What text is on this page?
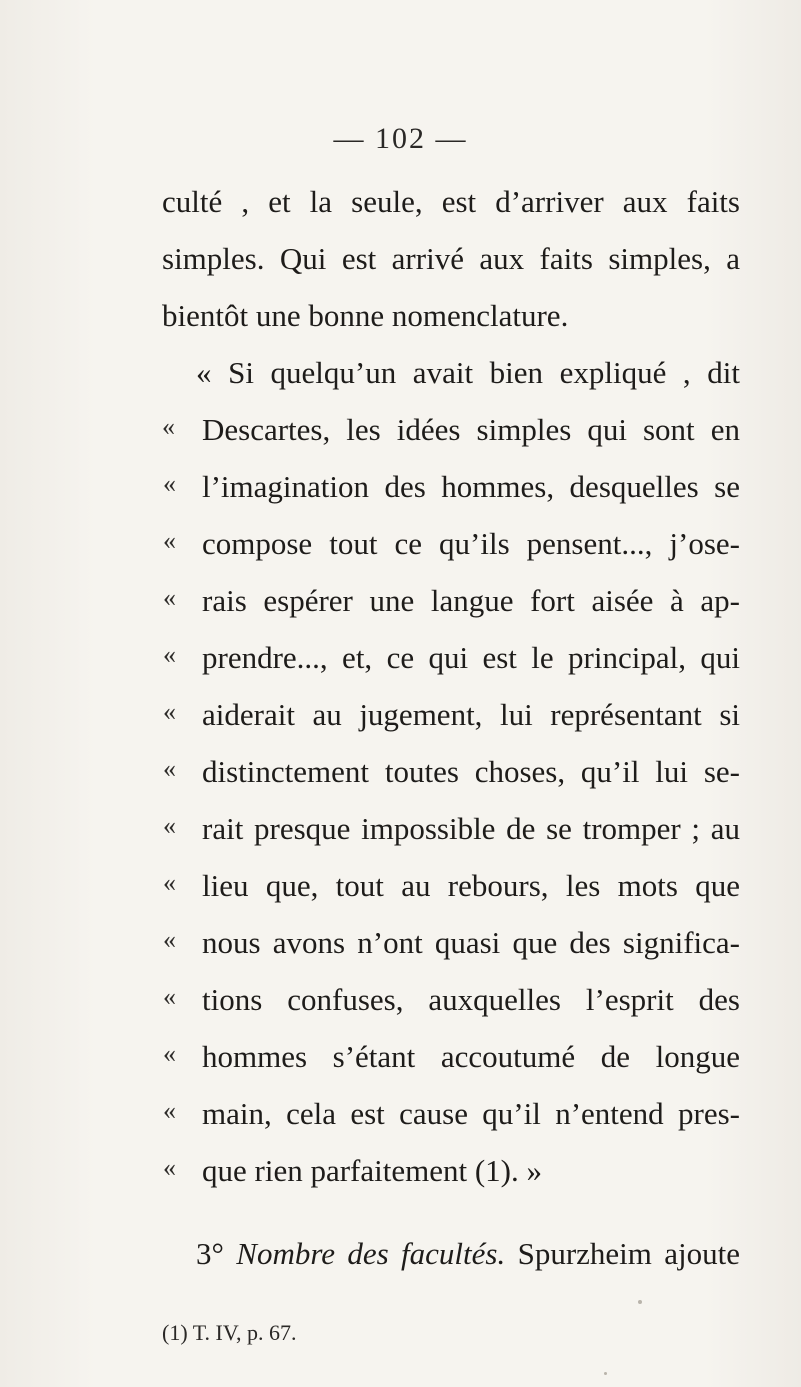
— 102 —
culté , et la seule, est d’arriver aux faits
simples. Qui est arrivé aux faits simples, a
bientôt une bonne nomenclature.
« Si quelqu’un avait bien expliqué , dit
« Descartes, les idées simples qui sont en
« l’imagination des hommes, desquelles se
« compose tout ce qu’ils pensent..., j’ose-
« rais espérer une langue fort aisée à ap-
« prendre..., et, ce qui est le principal, qui
« aiderait au jugement, lui représentant si
« distinctement toutes choses, qu’il lui se-
« rait presque impossible de se tromper ; au
« lieu que, tout au rebours, les mots que
« nous avons n’ont quasi que des significa-
« tions confuses, auxquelles l’esprit des
« hommes s’étant accoutumé de longue
« main, cela est cause qu’il n’entend pres-
« que rien parfaitement (1). »
3° Nombre des facultés. Spurzheim ajoute
(1) T. IV, p. 67.
